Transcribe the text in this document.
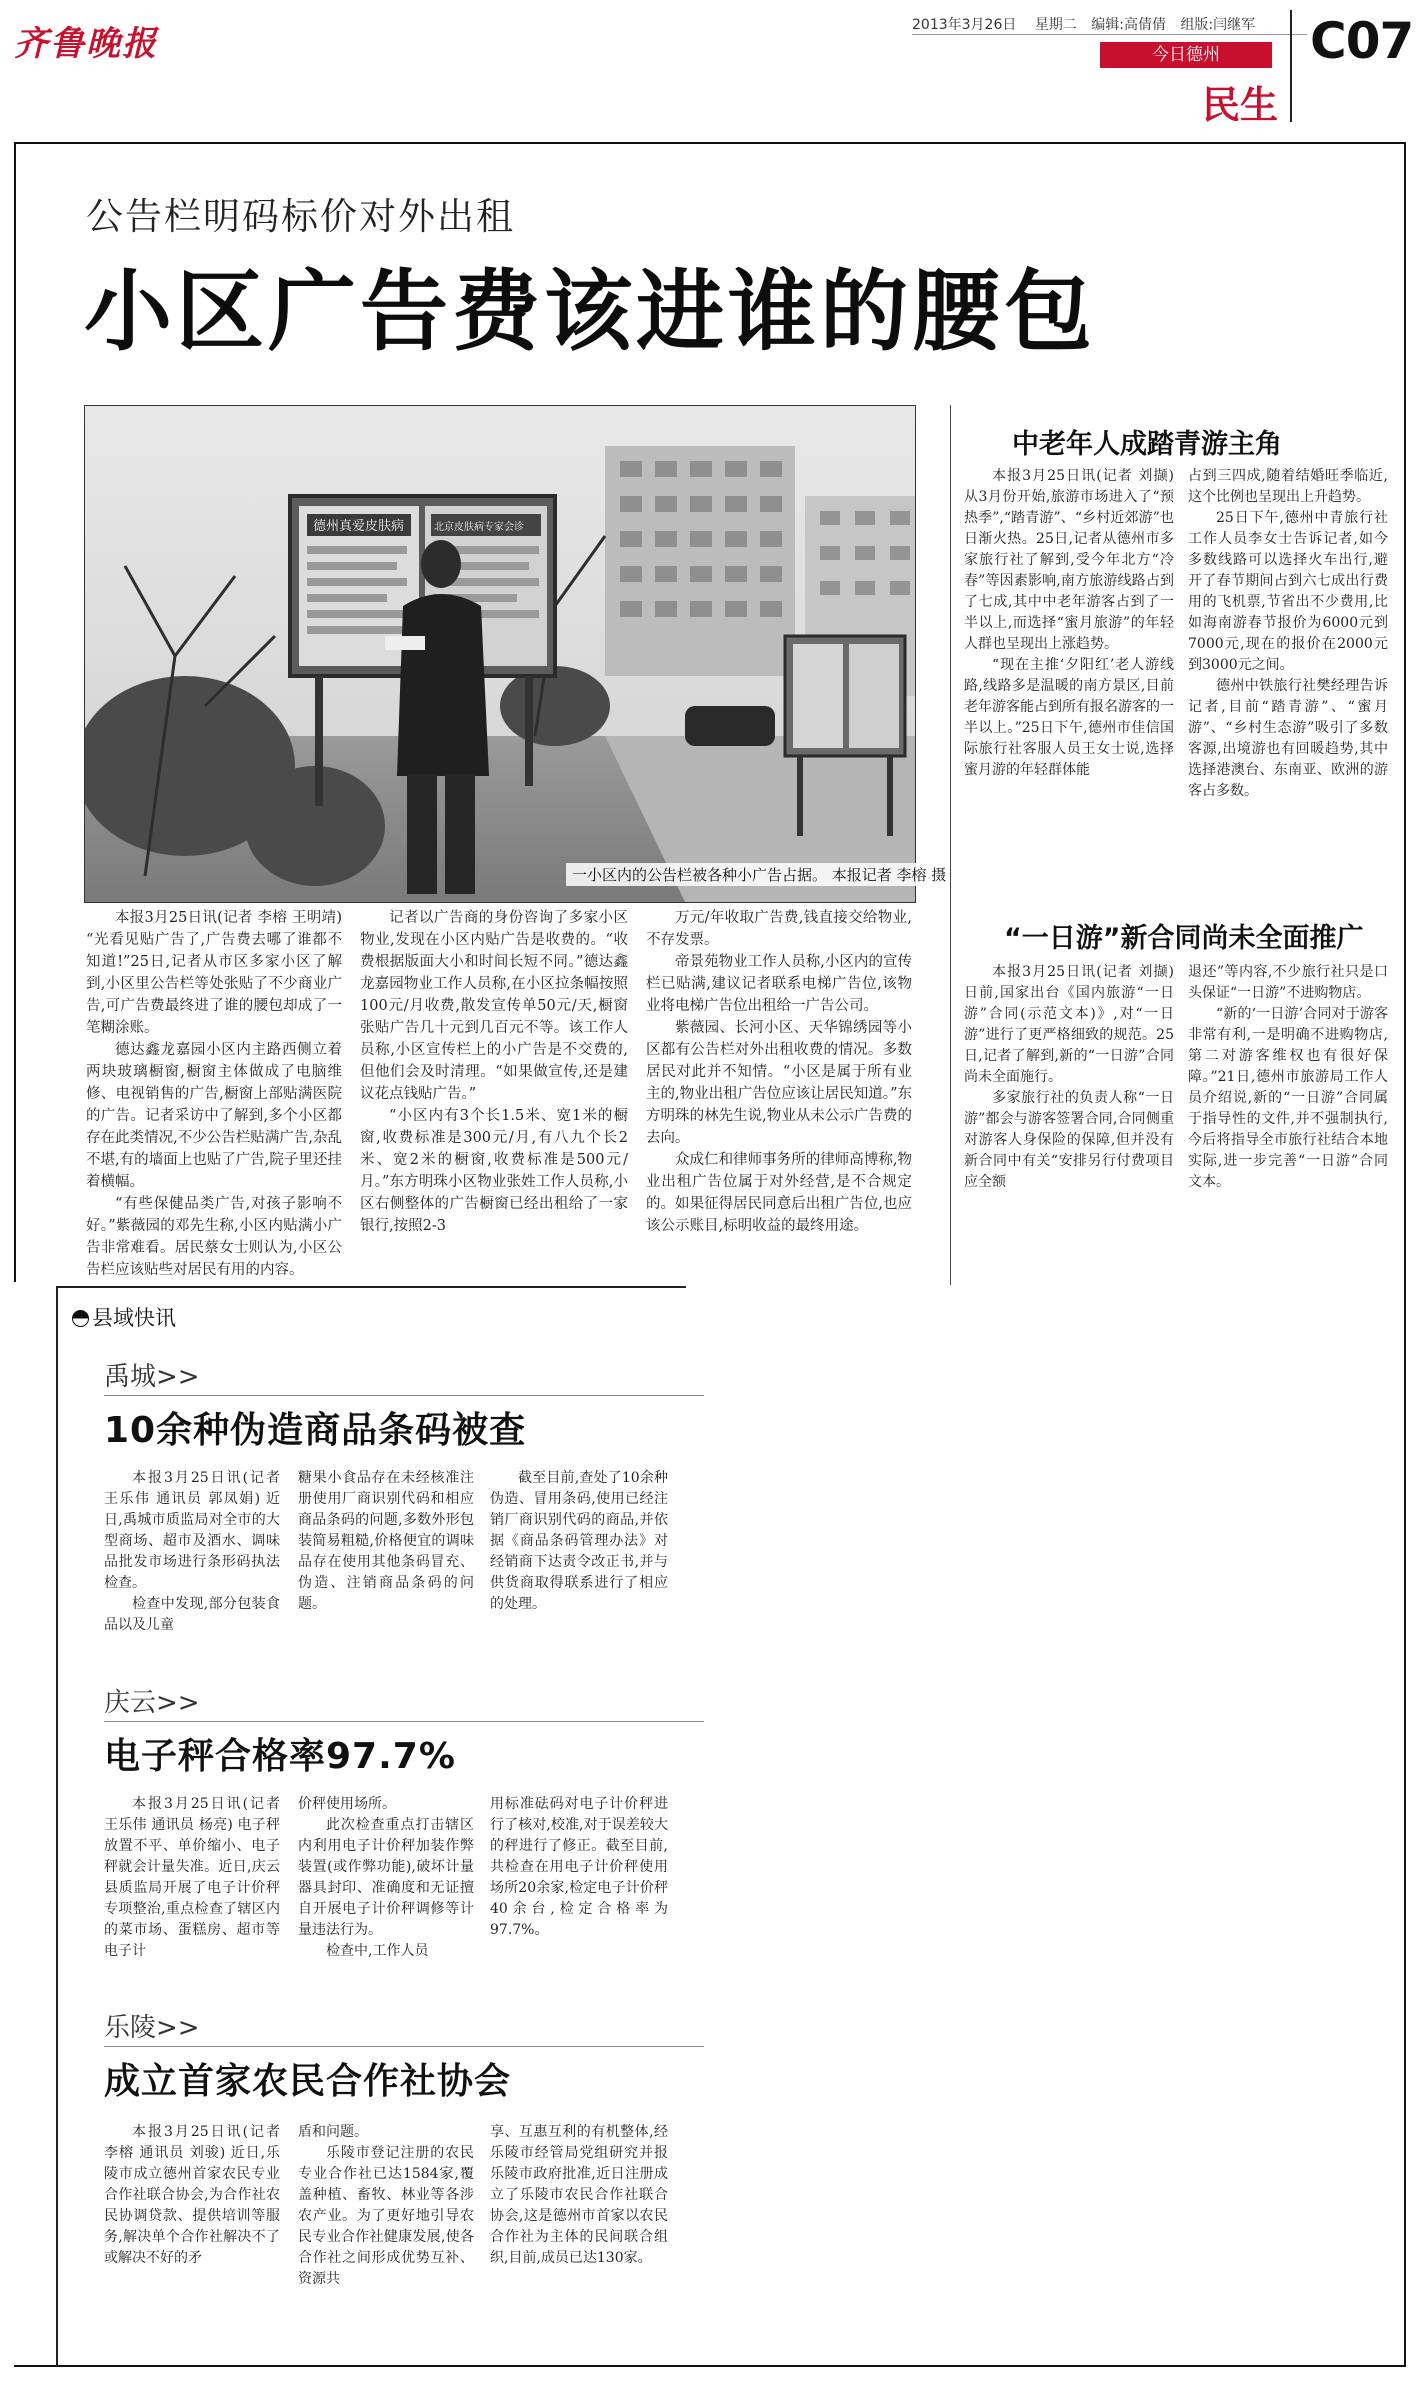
齐鲁晚报	2013年3月26日 星期二 编辑:高倩倩 组版:闫继军
今日德州
民生
C07
公告栏明码标价对外出租
小区广告费该进谁的腰包
德州真爱皮肤病	北京皮肤病专家会诊
一小区内的公告栏被各种小广告占据。 本报记者 李榕 摄

本报3月25日讯(记者 李榕 王明靖) “光看见贴广告了,广告费去哪了谁都不知道!”25日,记者从市区多家小区了解到,小区里公告栏等处张贴了不少商业广告,可广告费最终进了谁的腰包却成了一笔糊涂账。

德达鑫龙嘉园小区内主路西侧立着两块玻璃橱窗,橱窗主体做成了电脑维修、电视销售的广告,橱窗上部贴满医院的广告。记者采访中了解到,多个小区都存在此类情况,不少公告栏贴满广告,杂乱不堪,有的墙面上也贴了广告,院子里还挂着横幅。

“有些保健品类广告,对孩子影响不好。”紫薇园的邓先生称,小区内贴满小广告非常难看。居民蔡女士则认为,小区公告栏应该贴些对居民有用的内容。

记者以广告商的身份咨询了多家小区物业,发现在小区内贴广告是收费的。“收费根据版面大小和时间长短不同。”德达鑫龙嘉园物业工作人员称,在小区拉条幅按照100元/月收费,散发宣传单50元/天,橱窗张贴广告几十元到几百元不等。该工作人员称,小区宣传栏上的小广告是不交费的,但他们会及时清理。“如果做宣传,还是建议花点钱贴广告。”

“小区内有3个长1.5米、宽1米的橱窗,收费标准是300元/月,有八九个长2米、宽2米的橱窗,收费标准是500元/月。”东方明珠小区物业张姓工作人员称,小区右侧整体的广告橱窗已经出租给了一家银行,按照2-3

万元/年收取广告费,钱直接交给物业,不存发票。

帝景苑物业工作人员称,小区内的宣传栏已贴满,建议记者联系电梯广告位,该物业将电梯广告位出租给一广告公司。

紫薇园、长河小区、天华锦绣园等小区都有公告栏对外出租收费的情况。多数居民对此并不知情。“小区是属于所有业主的,物业出租广告位应该让居民知道。”东方明珠的林先生说,物业从未公示广告费的去向。

众成仁和律师事务所的律师高博称,物业出租广告位属于对外经营,是不合规定的。如果征得居民同意后出租广告位,也应该公示账目,标明收益的最终用途。

中老年人成踏青游主角

本报3月25日讯(记者 刘撷) 从3月份开始,旅游市场进入了“预热季”,“踏青游”、“乡村近郊游”也日渐火热。25日,记者从德州市多家旅行社了解到,受今年北方“冷春”等因素影响,南方旅游线路占到了七成,其中中老年游客占到了一半以上,而选择“蜜月旅游”的年轻人群也呈现出上涨趋势。

“现在主推‘夕阳红’老人游线路,线路多是温暖的南方景区,目前老年游客能占到所有报名游客的一半以上。”25日下午,德州市佳信国际旅行社客服人员王女士说,选择蜜月游的年轻群体能

占到三四成,随着结婚旺季临近,这个比例也呈现出上升趋势。

25日下午,德州中青旅行社工作人员李女士告诉记者,如今多数线路可以选择火车出行,避开了春节期间占到六七成出行费用的飞机票,节省出不少费用,比如海南游春节报价为6000元到7000元,现在的报价在2000元到3000元之间。

德州中铁旅行社樊经理告诉记者,目前“踏青游”、“蜜月游”、“乡村生态游”吸引了多数客源,出境游也有回暖趋势,其中选择港澳台、东南亚、欧洲的游客占多数。

“一日游”新合同尚未全面推广

本报3月25日讯(记者 刘撷) 日前,国家出台《国内旅游“一日游”合同(示范文本)》,对“一日游”进行了更严格细致的规范。25日,记者了解到,新的“一日游”合同尚未全面施行。

多家旅行社的负责人称“一日游”都会与游客签署合同,合同侧重对游客人身保险的保障,但并没有新合同中有关“安排另行付费项目应全额

退还”等内容,不少旅行社只是口头保证“一日游”不进购物店。

“新的‘一日游’合同对于游客非常有利,一是明确不进购物店,第二对游客维权也有很好保障。”21日,德州市旅游局工作人员介绍说,新的“一日游”合同属于指导性的文件,并不强制执行,今后将指导全市旅行社结合本地实际,进一步完善“一日游”合同文本。

县域快讯
禹城>>
10余种伪造商品条码被查

本报3月25日讯(记者 王乐伟 通讯员 郭凤娟) 近日,禹城市质监局对全市的大型商场、超市及酒水、调味品批发市场进行条形码执法检查。

检查中发现,部分包装食品以及儿童

糖果小食品存在未经核准注册使用厂商识别代码和相应商品条码的问题,多数外形包装简易粗糙,价格便宜的调味品存在使用其他条码冒充、伪造、注销商品条码的问题。

截至目前,查处了10余种伪造、冒用条码,使用已经注销厂商识别代码的商品,并依据《商品条码管理办法》对经销商下达责令改正书,并与供货商取得联系进行了相应的处理。

庆云>>
电子秤合格率97.7%

本报3月25日讯(记者 王乐伟 通讯员 杨亮) 电子秤放置不平、单价缩小、电子秤就会计量失准。近日,庆云县质监局开展了电子计价秤专项整治,重点检查了辖区内的菜市场、蛋糕房、超市等电子计

价秤使用场所。

此次检查重点打击辖区内利用电子计价秤加装作弊装置(或作弊功能),破坏计量器具封印、准确度和无证擅自开展电子计价秤调修等计量违法行为。

检查中,工作人员

用标准砝码对电子计价秤进行了核对,校准,对于误差较大的秤进行了修正。截至目前,共检查在用电子计价秤使用场所20余家,检定电子计价秤40余台,检定合格率为97.7%。

乐陵>>
成立首家农民合作社协会

本报3月25日讯(记者 李榕 通讯员 刘骏) 近日,乐陵市成立德州首家农民专业合作社联合协会,为合作社农民协调贷款、提供培训等服务,解决单个合作社解决不了或解决不好的矛

盾和问题。

乐陵市登记注册的农民专业合作社已达1584家,覆盖种植、畜牧、林业等各涉农产业。为了更好地引导农民专业合作社健康发展,使各合作社之间形成优势互补、资源共

享、互惠互利的有机整体,经乐陵市经管局党组研究并报乐陵市政府批准,近日注册成立了乐陵市农民合作社联合协会,这是德州市首家以农民合作社为主体的民间联合组织,目前,成员已达130家。
